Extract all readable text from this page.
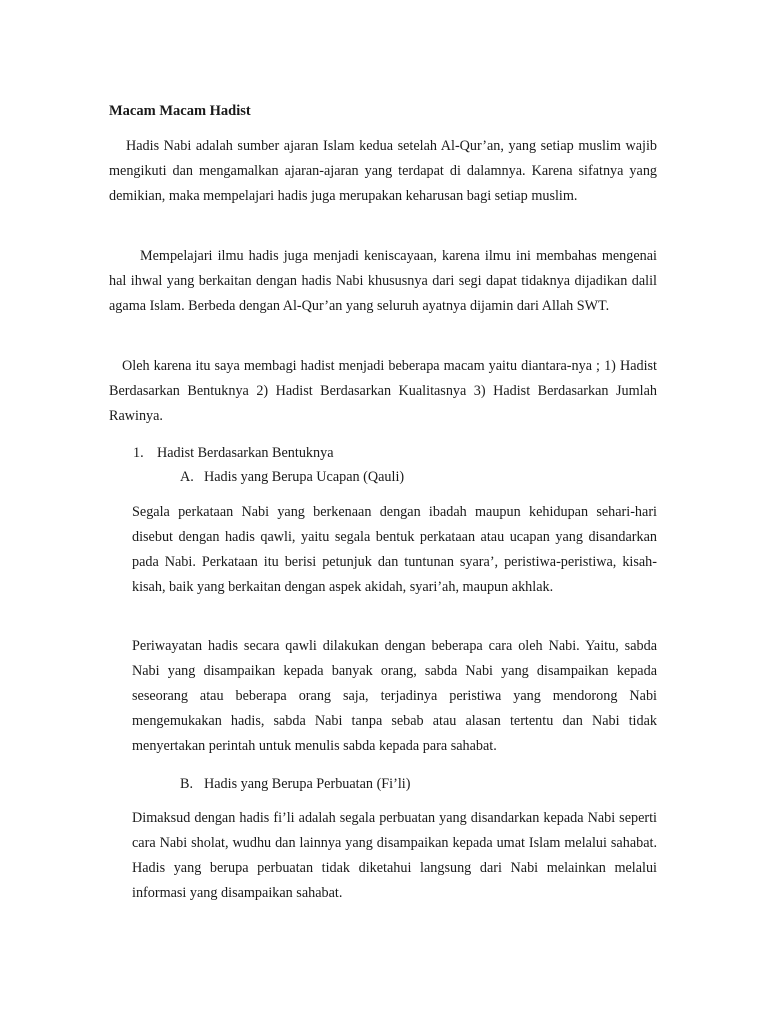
Macam Macam Hadist

Hadis Nabi adalah sumber ajaran Islam kedua setelah Al-Qur’an, yang setiap muslim wajib mengikuti dan mengamalkan ajaran-ajaran yang terdapat di dalamnya. Karena sifatnya yang demikian, maka mempelajari hadis juga merupakan keharusan bagi setiap muslim.

Mempelajari ilmu hadis juga menjadi keniscayaan, karena ilmu ini membahas mengenai hal ihwal yang berkaitan dengan hadis Nabi khususnya dari segi dapat tidaknya dijadikan dalil agama Islam. Berbeda dengan Al-Qur’an yang seluruh ayatnya dijamin dari Allah SWT.

Oleh karena itu saya membagi hadist menjadi beberapa macam yaitu diantara-nya ; 1) Hadist Berdasarkan Bentuknya 2) Hadist Berdasarkan Kualitasnya 3) Hadist Berdasarkan Jumlah Rawinya.

1. Hadist Berdasarkan Bentuknya
A. Hadis yang Berupa Ucapan (Qauli)

Segala perkataan Nabi yang berkenaan dengan ibadah maupun kehidupan sehari-hari disebut dengan hadis qawli, yaitu segala bentuk perkataan atau ucapan yang disandarkan pada Nabi. Perkataan itu berisi petunjuk dan tuntunan syara’, peristiwa-peristiwa, kisah-kisah, baik yang berkaitan dengan aspek akidah, syari’ah, maupun akhlak.

Periwayatan hadis secara qawli dilakukan dengan beberapa cara oleh Nabi. Yaitu, sabda Nabi yang disampaikan kepada banyak orang, sabda Nabi yang disampaikan kepada seseorang atau beberapa orang saja, terjadinya peristiwa yang mendorong Nabi mengemukakan hadis, sabda Nabi tanpa sebab atau alasan tertentu dan Nabi tidak menyertakan perintah untuk menulis sabda kepada para sahabat.

B. Hadis yang Berupa Perbuatan (Fi’li)

Dimaksud dengan hadis fi’li adalah segala perbuatan yang disandarkan kepada Nabi seperti cara Nabi sholat, wudhu dan lainnya yang disampaikan kepada umat Islam melalui sahabat. Hadis yang berupa perbuatan tidak diketahui langsung dari Nabi melainkan melalui informasi yang disampaikan sahabat.
